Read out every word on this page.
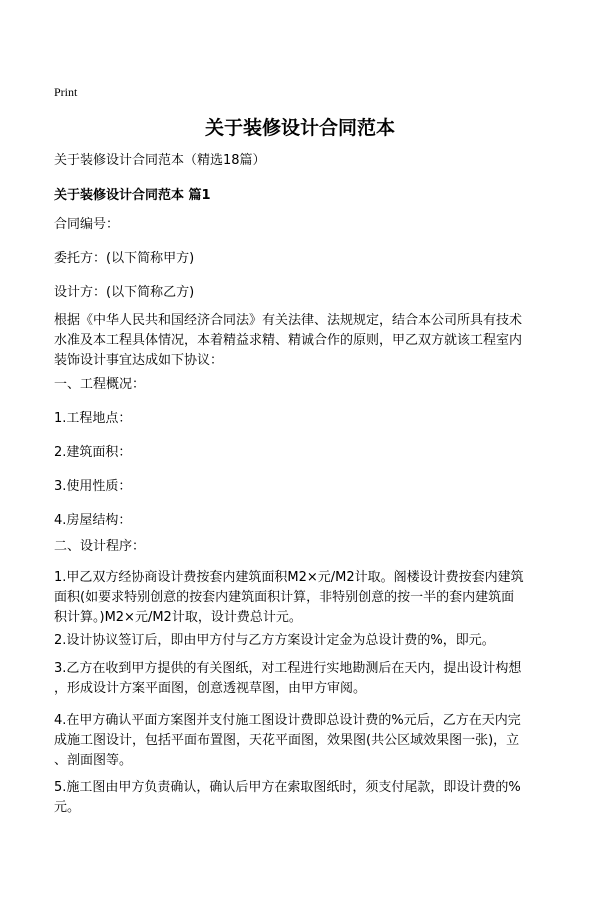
Print
关于装修设计合同范本
关于装修设计合同范本（精选18篇）
关于装修设计合同范本 篇1
合同编号：
委托方：(以下简称甲方)
设计方：(以下简称乙方)
根据《中华人民共和国经济合同法》有关法律、法规规定，结合本公司所具有技术
水准及本工程具体情况，本着精益求精、精诚合作的原则，甲乙双方就该工程室内
装饰设计事宜达成如下协议：
一、工程概况：
1.工程地点：
2.建筑面积：
3.使用性质：
4.房屋结构：
二、设计程序：
1.甲乙双方经协商设计费按套内建筑面积M2×元/M2计取。阁楼设计费按套内建筑
面积(如要求特别创意的按套内建筑面积计算，非特别创意的按一半的套内建筑面
积计算。)M2×元/M2计取，设计费总计元。
2.设计协议签订后，即由甲方付与乙方方案设计定金为总设计费的%，即元。
3.乙方在收到甲方提供的有关图纸，对工程进行实地勘测后在天内，提出设计构想
，形成设计方案平面图，创意透视草图，由甲方审阅。
4.在甲方确认平面方案图并支付施工图设计费即总设计费的%元后，乙方在天内完
成施工图设计，包括平面布置图，天花平面图，效果图(共公区域效果图一张)，立
、剖面图等。
5.施工图由甲方负责确认，确认后甲方在索取图纸时，须支付尾款，即设计费的%
元。
